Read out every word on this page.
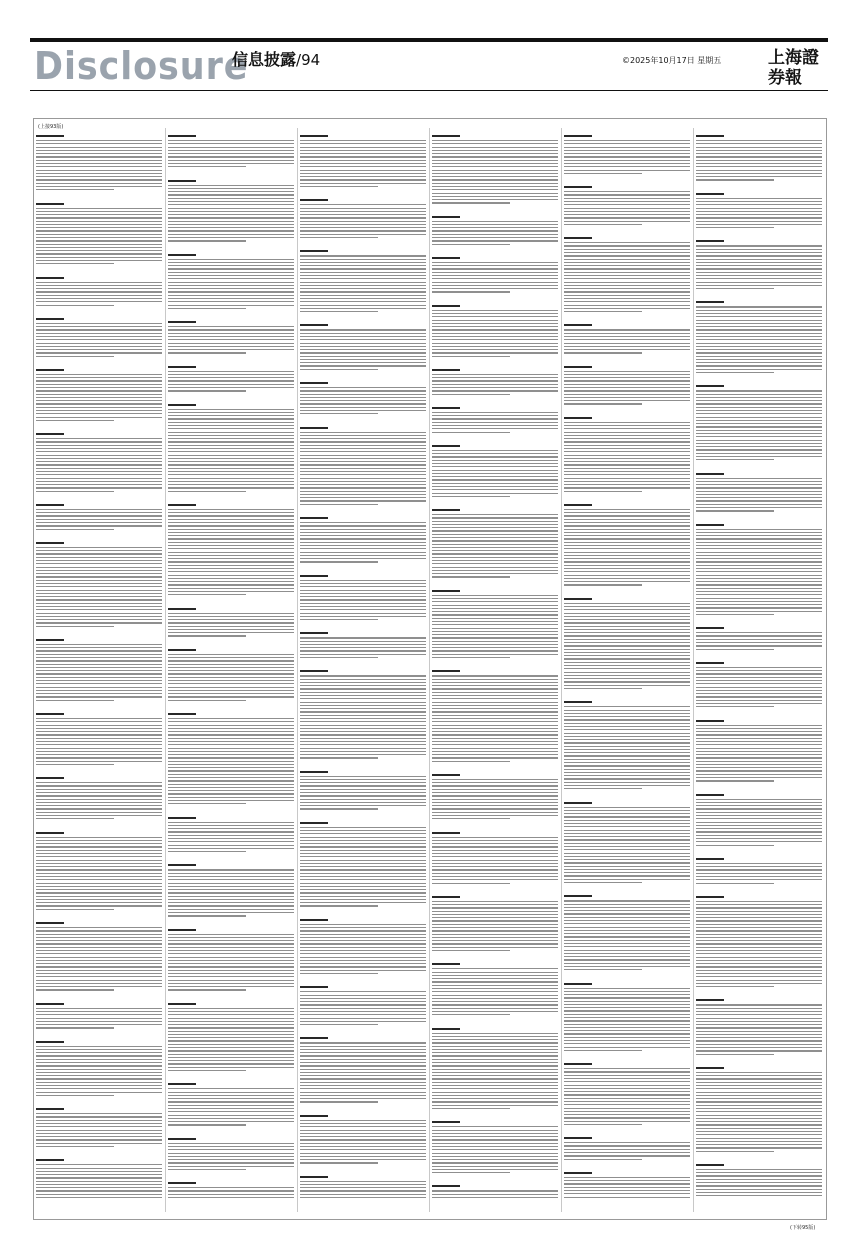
Disclosure
信息披露/94	©2025年10月17日 星期五	上海證券報
(上接93版)
(下转95版)
